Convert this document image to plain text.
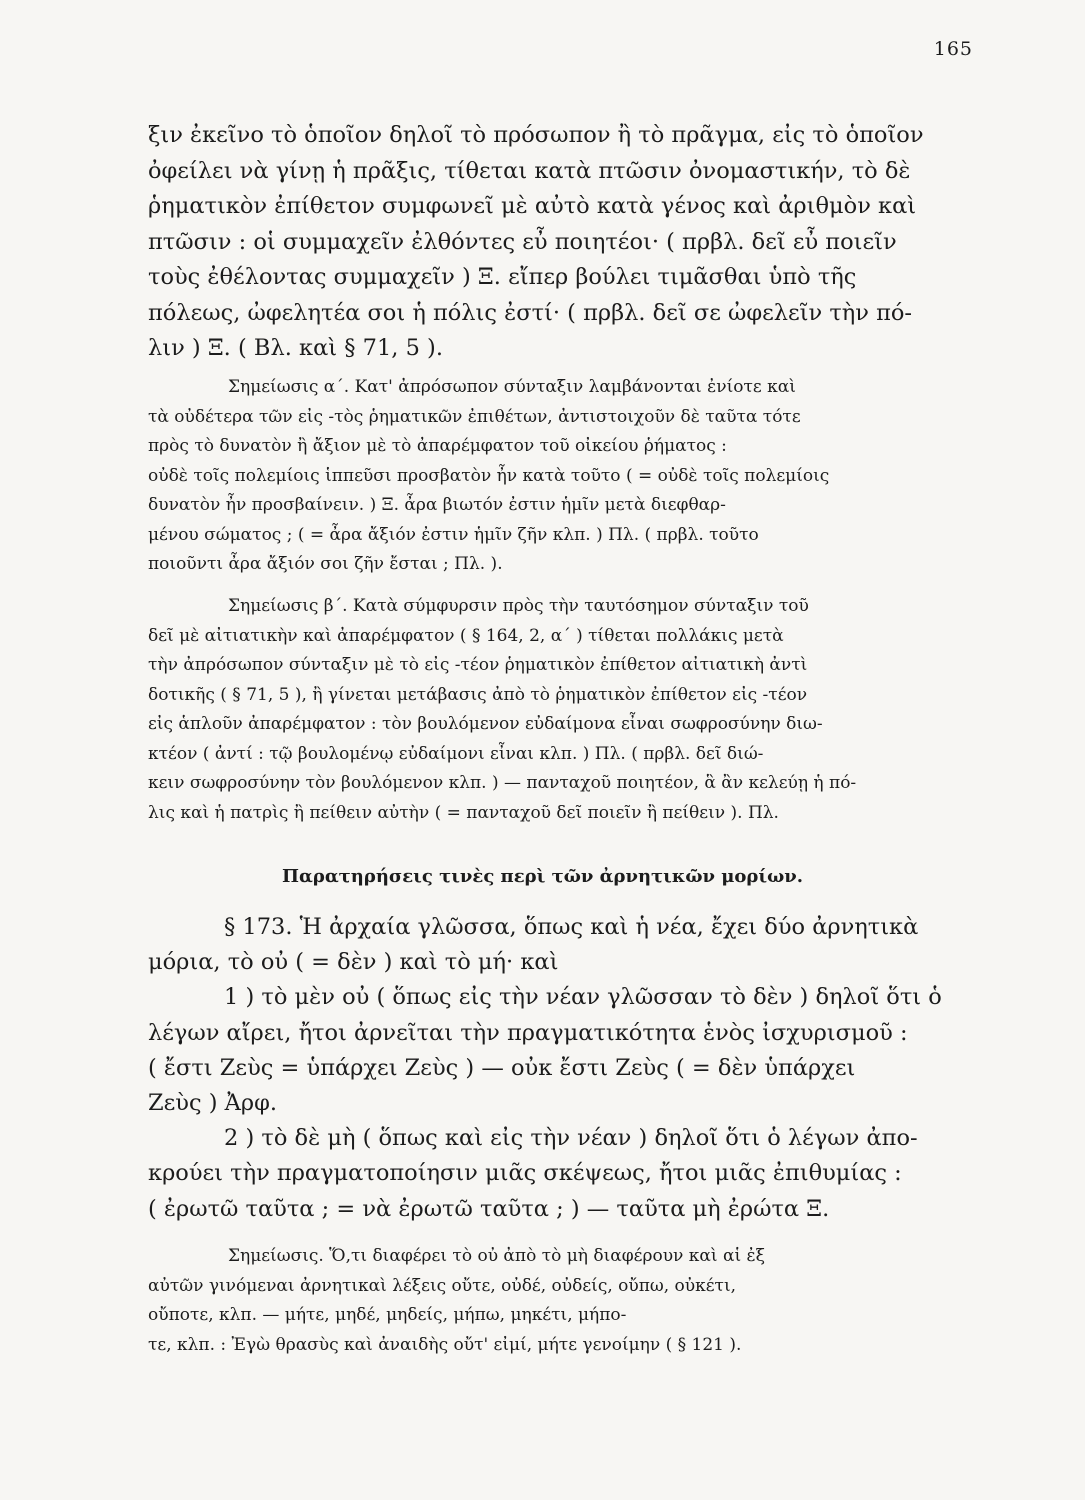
165
ξιν ἐκεῖνο τὸ ὁποῖον δηλοῖ τὸ πρόσωπον ἢ τὸ πρᾶγμα, εἰς τὸ ὁποῖον
ὀφείλει νὰ γίνῃ ἡ πρᾶξις, τίθεται κατὰ πτῶσιν ὀνομαστικήν, τὸ δὲ
ῥηματικὸν ἐπίθετον συμφωνεῖ μὲ αὐτὸ κατὰ γένος καὶ ἀριθμὸν καὶ
πτῶσιν : οἱ συμμαχεῖν ἐλθόντες εὖ ποιητέοι· ( πρβλ. δεῖ εὖ ποιεῖν
τοὺς ἐθέλοντας συμμαχεῖν ) Ξ. εἴπερ βούλει τιμᾶσθαι ὑπὸ τῆς
πόλεως, ὠφελητέα σοι ἡ πόλις ἐστί· ( πρβλ. δεῖ σε ὠφελεῖν τὴν πό-
λιν ) Ξ. ( Βλ. καὶ § 71, 5 ).
Σημείωσις α΄. Κατ' ἀπρόσωπον σύνταξιν λαμβάνονται ἐνίοτε καὶ
τὰ οὐδέτερα τῶν εἰς -τὸς ῥηματικῶν ἐπιθέτων, ἀντιστοιχοῦν δὲ ταῦτα τότε
πρὸς τὸ δυνατὸν ἢ ἄξιον μὲ τὸ ἀπαρέμφατον τοῦ οἰκείου ῥήματος :
οὐδὲ τοῖς πολεμίοις ἱππεῦσι προσβατὸν ἦν κατὰ τοῦτο ( = οὐδὲ τοῖς πολεμίοις
δυνατὸν ἦν προσβαίνειν. ) Ξ. ἆρα βιωτόν ἐστιν ἡμῖν μετὰ διεφθαρ-
μένου σώματος ; ( = ἆρα ἄξιόν ἐστιν ἡμῖν ζῆν κλπ. ) Πλ. ( πρβλ. τοῦτο
ποιοῦντι ἆρα ἄξιόν σοι ζῆν ἔσται ; Πλ. ).
Σημείωσις β΄. Κατὰ σύμφυρσιν πρὸς τὴν ταυτόσημον σύνταξιν τοῦ
δεῖ μὲ αἰτιατικὴν καὶ ἀπαρέμφατον ( § 164, 2, α΄ ) τίθεται πολλάκις μετὰ
τὴν ἀπρόσωπον σύνταξιν μὲ τὸ εἰς -τέον ῥηματικὸν ἐπίθετον αἰτιατικὴ ἀντὶ
δοτικῆς ( § 71, 5 ), ἢ γίνεται μετάβασις ἀπὸ τὸ ῥηματικὸν ἐπίθετον εἰς -τέον
εἰς ἁπλοῦν ἀπαρέμφατον : τὸν βουλόμενον εὐδαίμονα εἶναι σωφροσύνην διω-
κτέον ( ἀντί : τῷ βουλομένῳ εὐδαίμονι εἶναι κλπ. ) Πλ. ( πρβλ. δεῖ διώ-
κειν σωφροσύνην τὸν βουλόμενον κλπ. ) — πανταχοῦ ποιητέον, ἃ ἂν κελεύῃ ἡ πό-
λις καὶ ἡ πατρὶς ἢ πείθειν αὐτὴν ( = πανταχοῦ δεῖ ποιεῖν ἢ πείθειν ). Πλ.
Παρατηρήσεις τινὲς περὶ τῶν ἀρνητικῶν μορίων.
§ 173. Ἡ ἀρχαία γλῶσσα, ὅπως καὶ ἡ νέα, ἔχει δύο ἀρνητικὰ
μόρια, τὸ οὐ ( = δὲν ) καὶ τὸ μή· καὶ
1 ) τὸ μὲν οὐ ( ὅπως εἰς τὴν νέαν γλῶσσαν τὸ δὲν ) δηλοῖ ὅτι ὁ
λέγων αἴρει, ἤτοι ἀρνεῖται τὴν πραγματικότητα ἑνὸς ἰσχυρισμοῦ :
( ἔστι Ζεὺς = ὑπάρχει Ζεὺς ) — οὐκ ἔστι Ζεὺς ( = δὲν ὑπάρχει
Ζεὺς ) Ἀρφ.
2 ) τὸ δὲ μὴ ( ὅπως καὶ εἰς τὴν νέαν ) δηλοῖ ὅτι ὁ λέγων ἀπο-
κρούει τὴν πραγματοποίησιν μιᾶς σκέψεως, ἤτοι μιᾶς ἐπιθυμίας :
( ἐρωτῶ ταῦτα ; = νὰ ἐρωτῶ ταῦτα ; ) — ταῦτα μὴ ἐρώτα Ξ.
Σημείωσις. Ὅ,τι διαφέρει τὸ οὐ ἀπὸ τὸ μὴ διαφέρουν καὶ αἱ ἐξ
αὐτῶν γινόμεναι ἀρνητικαὶ λέξεις οὔτε, οὐδέ, οὐδείς, οὔπω, οὐκέτι,
οὔποτε, κλπ. — μήτε, μηδέ, μηδείς, μήπω, μηκέτι, μήπο-
τε, κλπ. : Ἐγὼ θρασὺς καὶ ἀναιδὴς οὔτ' εἰμί, μήτε γενοίμην ( § 121 ).
